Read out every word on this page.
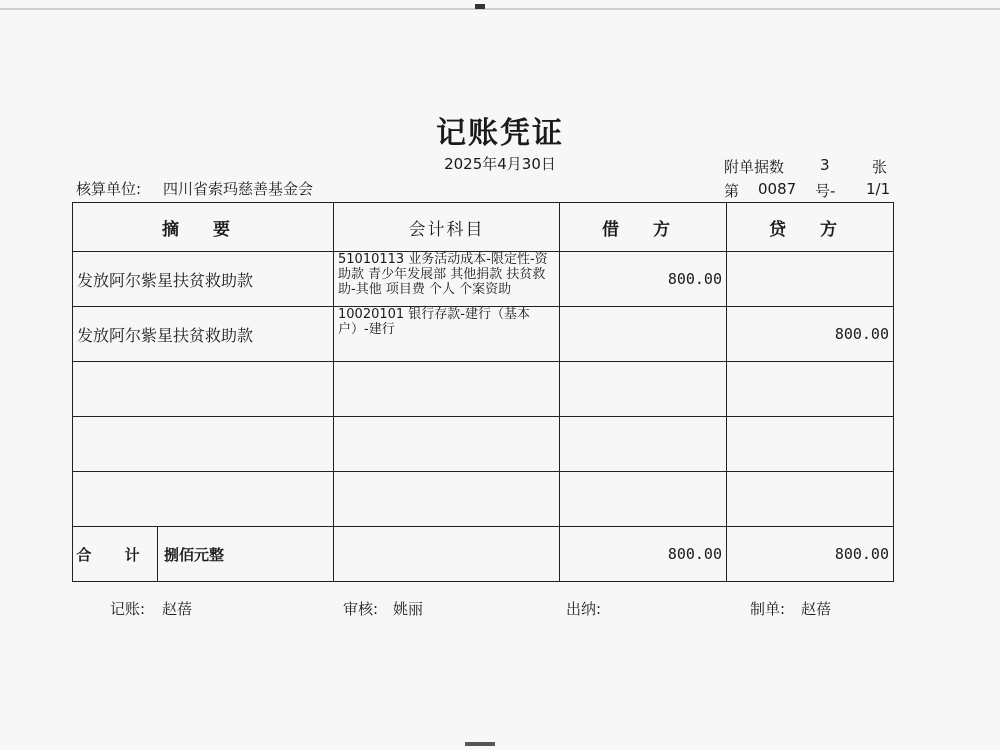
记账凭证
2025年4月30日	附单据数 3	张
核算单位: 四川省索玛慈善基金会	第 0087 号- 1/1
摘 要	会计科目	借 方	贷 方
发放阿尔紫星扶贫救助款	51010113 业务活动成本-限定性-资助款 青少年发展部 其他捐款 扶贫救助-其他 项目费 个人 个案资助	800.00	
发放阿尔紫星扶贫救助款	10020101 银行存款-建行（基本户）-建行		800.00

合 计 捌佰元整		800.00	800.00
记账: 赵蓓	审核: 姚丽	出纳:	制单: 赵蓓
